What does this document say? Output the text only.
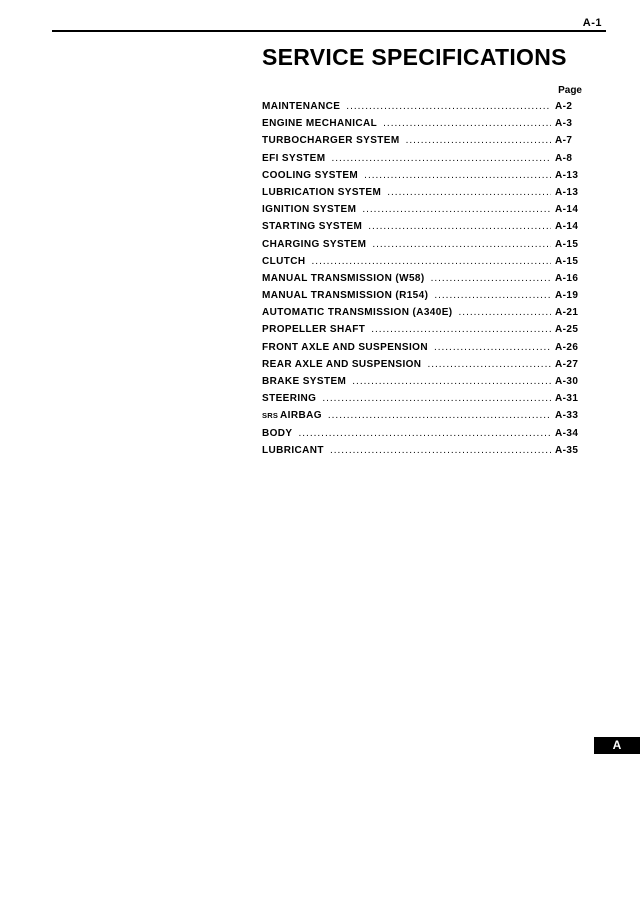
A-1
SERVICE SPECIFICATIONS
Page
MAINTENANCE .....	A-2
ENGINE MECHANICAL .....	A-3
TURBOCHARGER SYSTEM .....	A-7
EFI SYSTEM .....	A-8
COOLING SYSTEM .....	A-13
LUBRICATION SYSTEM .....	A-13
IGNITION SYSTEM .....	A-14
STARTING SYSTEM .....	A-14
CHARGING SYSTEM .....	A-15
CLUTCH .....	A-15
MANUAL TRANSMISSION (W58) .....	A-16
MANUAL TRANSMISSION (R154) .....	A-19
AUTOMATIC TRANSMISSION (A340E) .....	A-21
PROPELLER SHAFT .....	A-25
FRONT AXLE AND SUSPENSION .....	A-26
REAR AXLE AND SUSPENSION .....	A-27
BRAKE SYSTEM .....	A-30
STEERING .....	A-31
SRS AIRBAG .....	A-33
BODY .....	A-34
LUBRICANT .....	A-35
A
